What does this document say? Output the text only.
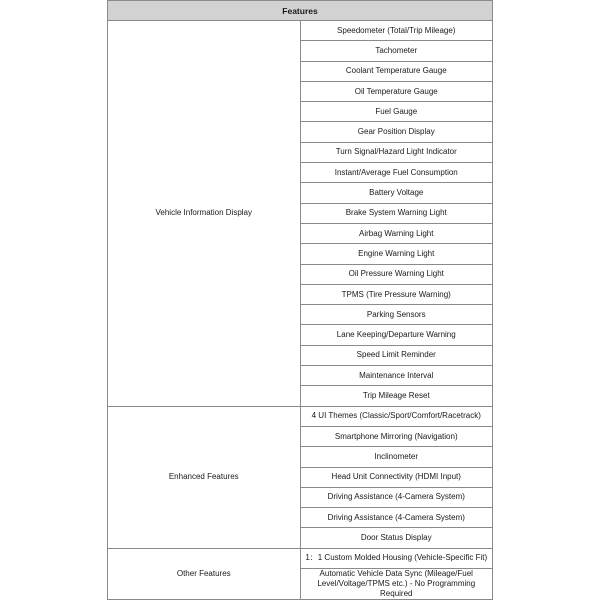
Features	
Vehicle Information Display	Speedometer (Total/Trip Mileage)
	Tachometer
	Coolant Temperature Gauge
	Oil Temperature Gauge
	Fuel Gauge
	Gear Position Display
	Turn Signal/Hazard Light Indicator
	Instant/Average Fuel Consumption
	Battery Voltage
	Brake System Warning Light
	Airbag Warning Light
	Engine Warning Light
	Oil Pressure Warning Light
	TPMS (Tire Pressure Warning)
	Parking Sensors
	Lane Keeping/Departure Warning
	Speed Limit Reminder
	Maintenance Interval
	Trip Mileage Reset
Enhanced Features	4 UI Themes (Classic/Sport/Comfort/Racetrack)
	Smartphone Mirroring (Navigation)
	Inclinometer
	Head Unit Connectivity (HDMI Input)
	Driving Assistance (4-Camera System)
	Driving Assistance (4-Camera System)
	Door Status Display
Other Features	1：1 Custom Molded Housing (Vehicle-Specific Fit)
	Automatic Vehicle Data Sync (Mileage/Fuel Level/Voltage/TPMS etc.) - No Programming Required
